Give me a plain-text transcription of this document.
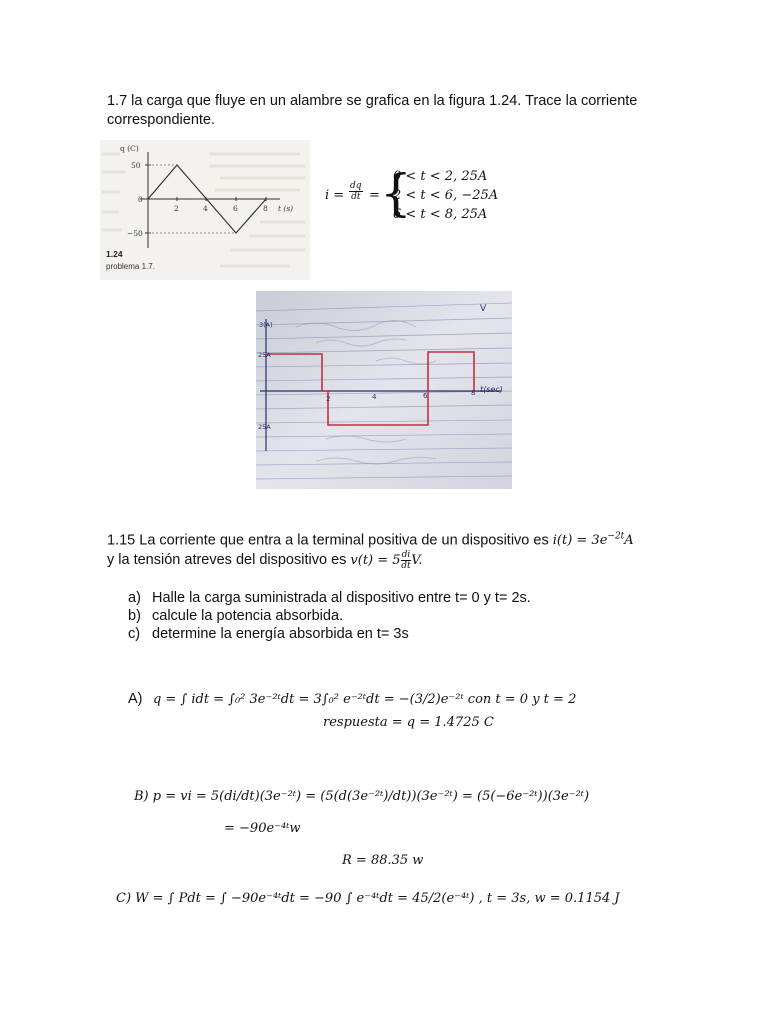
1.7 la carga que fluye en un alambre se grafica en la figura 1.24. Trace la corriente
correspondiente.
q (C)
50
0
−50
2	4	6	8 t (s)
1.24
problema 1.7.
$i = \frac{dq}{dt}$ = {
0 < t < 2, 25A
2 < t < 6, −25A
6 < t < 8, 25A
3(A)
25A
25A
2	4	6	8 t(sec)
V
1.15 La corriente que entra a la terminal positiva de un dispositivo es $i(t) = 3e^{-2t}A$
y la tensión atreves del dispositivo es $v(t) = 5 \frac{di}{dt} V$.
a) Halle la carga suministrada al dispositivo entre t= 0 y t= 2s.
b) calcule la potencia absorbida.
c) determine la energía absorbida en t= 3s
A) q = ∫ idt = ∫₀² 3e⁻²ᵗdt = 3∫₀² e⁻²ᵗdt = −(3/2)e⁻²ᵗ con t = 0 y t = 2
respuesta = q = 1.4725 C
B) p = vi = 5(di/dt)(3e⁻²ᵗ) = (5(d(3e⁻²ᵗ)/dt))(3e⁻²ᵗ) = (5(−6e⁻²ᵗ))(3e⁻²ᵗ)
= −90e⁻⁴ᵗw
R = 88.35 w
C) W = ∫ Pdt = ∫ −90e⁻⁴ᵗdt = −90 ∫ e⁻⁴ᵗdt = 45/2(e⁻⁴ᵗ) , t = 3s, w = 0.1154 J
